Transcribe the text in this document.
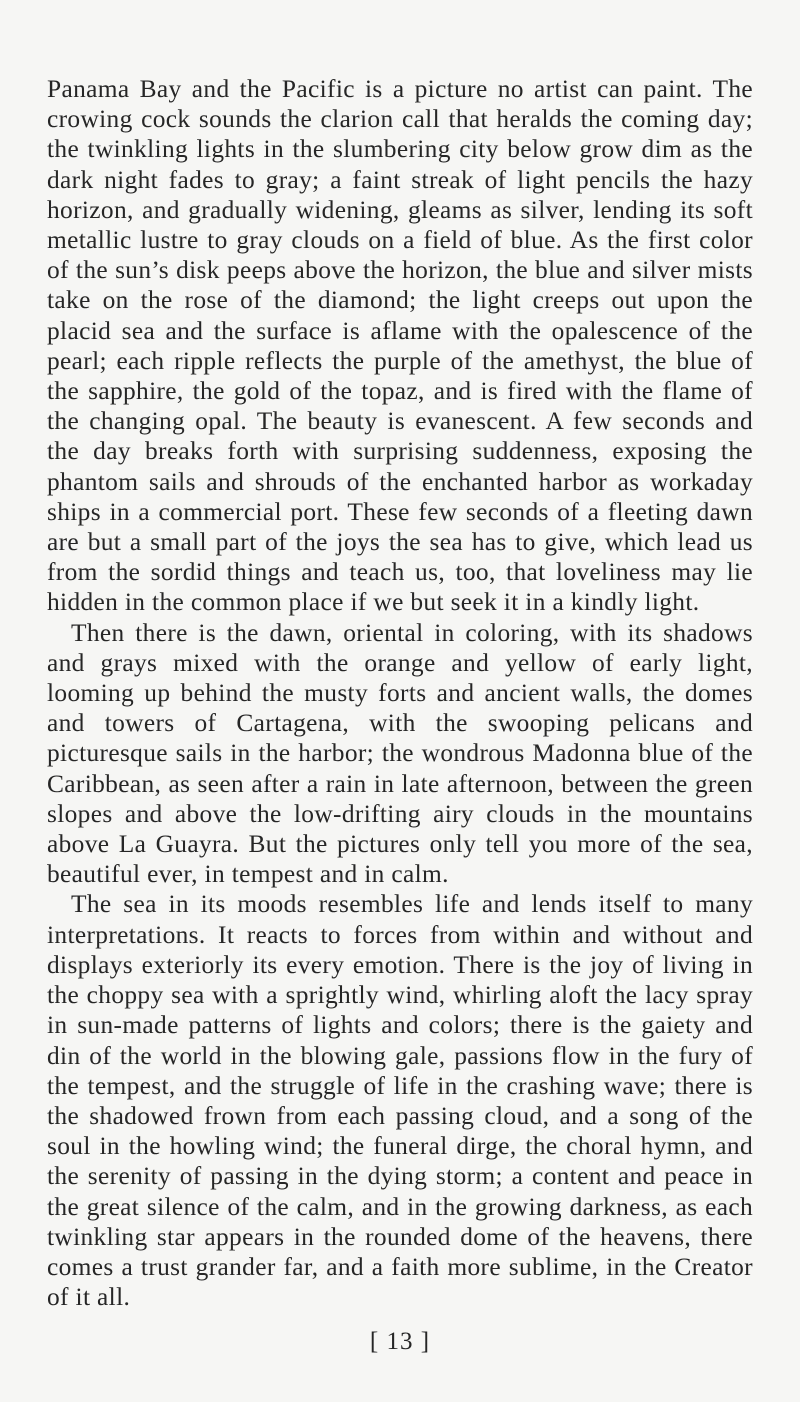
Panama Bay and the Pacific is a picture no artist can paint. The crowing cock sounds the clarion call that heralds the coming day; the twinkling lights in the slumbering city below grow dim as the dark night fades to gray; a faint streak of light pencils the hazy horizon, and gradually widening, gleams as silver, lending its soft metallic lustre to gray clouds on a field of blue. As the first color of the sun’s disk peeps above the horizon, the blue and silver mists take on the rose of the diamond; the light creeps out upon the placid sea and the surface is aflame with the opalescence of the pearl; each ripple reflects the purple of the amethyst, the blue of the sapphire, the gold of the topaz, and is fired with the flame of the changing opal. The beauty is evanescent. A few seconds and the day breaks forth with surprising suddenness, exposing the phantom sails and shrouds of the enchanted harbor as workaday ships in a commercial port. These few seconds of a fleeting dawn are but a small part of the joys the sea has to give, which lead us from the sordid things and teach us, too, that loveliness may lie hidden in the common place if we but seek it in a kindly light.

Then there is the dawn, oriental in coloring, with its shadows and grays mixed with the orange and yellow of early light, looming up behind the musty forts and ancient walls, the domes and towers of Cartagena, with the swooping pelicans and picturesque sails in the harbor; the wondrous Madonna blue of the Caribbean, as seen after a rain in late afternoon, between the green slopes and above the low-drifting airy clouds in the mountains above La Guayra. But the pictures only tell you more of the sea, beautiful ever, in tempest and in calm.

The sea in its moods resembles life and lends itself to many interpretations. It reacts to forces from within and without and displays exteriorly its every emotion. There is the joy of living in the choppy sea with a sprightly wind, whirling aloft the lacy spray in sun-made patterns of lights and colors; there is the gaiety and din of the world in the blowing gale, passions flow in the fury of the tempest, and the struggle of life in the crashing wave; there is the shadowed frown from each passing cloud, and a song of the soul in the howling wind; the funeral dirge, the choral hymn, and the serenity of passing in the dying storm; a content and peace in the great silence of the calm, and in the growing darkness, as each twinkling star appears in the rounded dome of the heavens, there comes a trust grander far, and a faith more sublime, in the Creator of it all.

[ 13 ]
